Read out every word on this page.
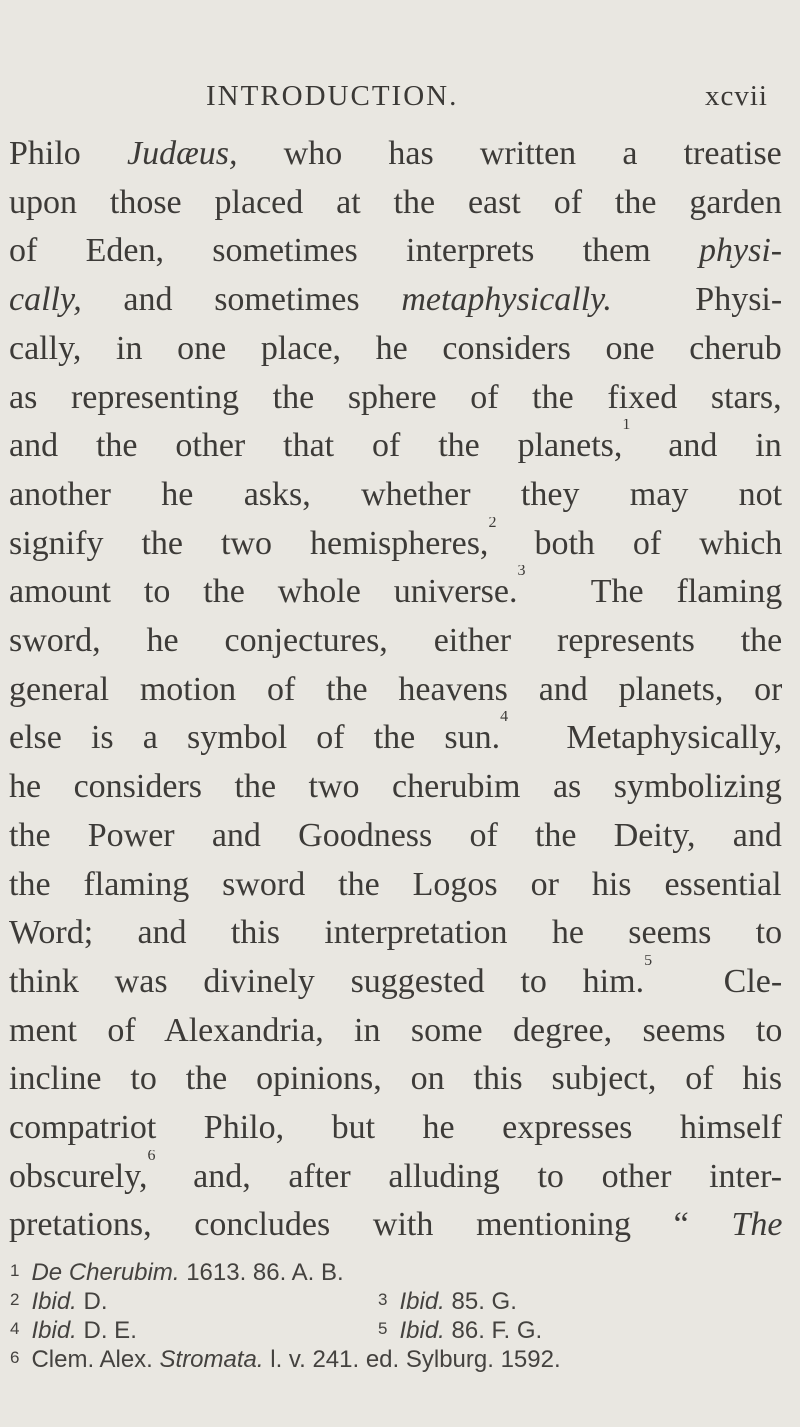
INTRODUCTION.	xcvii
Philo Judæus, who has written a treatise
upon those placed at the east of the garden
of Eden, sometimes interprets them physi-
cally, and sometimes metaphysically.  Physi-
cally, in one place, he considers one cherub
as representing the sphere of the fixed stars,
and the other that of the planets,$^1$ and in
another he asks, whether they may not
signify the two hemispheres,$^2$ both of which
amount to the whole universe.$^3$  The flaming
sword, he conjectures, either represents the
general motion of the heavens and planets, or
else is a symbol of the sun.$^4$  Metaphysically,
he considers the two cherubim as symbolizing
the Power and Goodness of the Deity, and
the flaming sword the Logos or his essential
Word; and this interpretation he seems to
think was divinely suggested to him.$^5$  Cle-
ment of Alexandria, in some degree, seems to
incline to the opinions, on this subject, of his
compatriot Philo, but he expresses himself
obscurely,$^6$ and, after alluding to other inter-
pretations, concludes with mentioning “ The
$^1$ De Cherubim. 1613. 86. A. B.
$^2$ Ibid. D.	$^3$ Ibid. 85. G.
$^4$ Ibid. D. E.	$^5$ Ibid. 86. F. G.
$^6$ Clem. Alex. Stromata. l. v. 241. ed. Sylburg. 1592.
